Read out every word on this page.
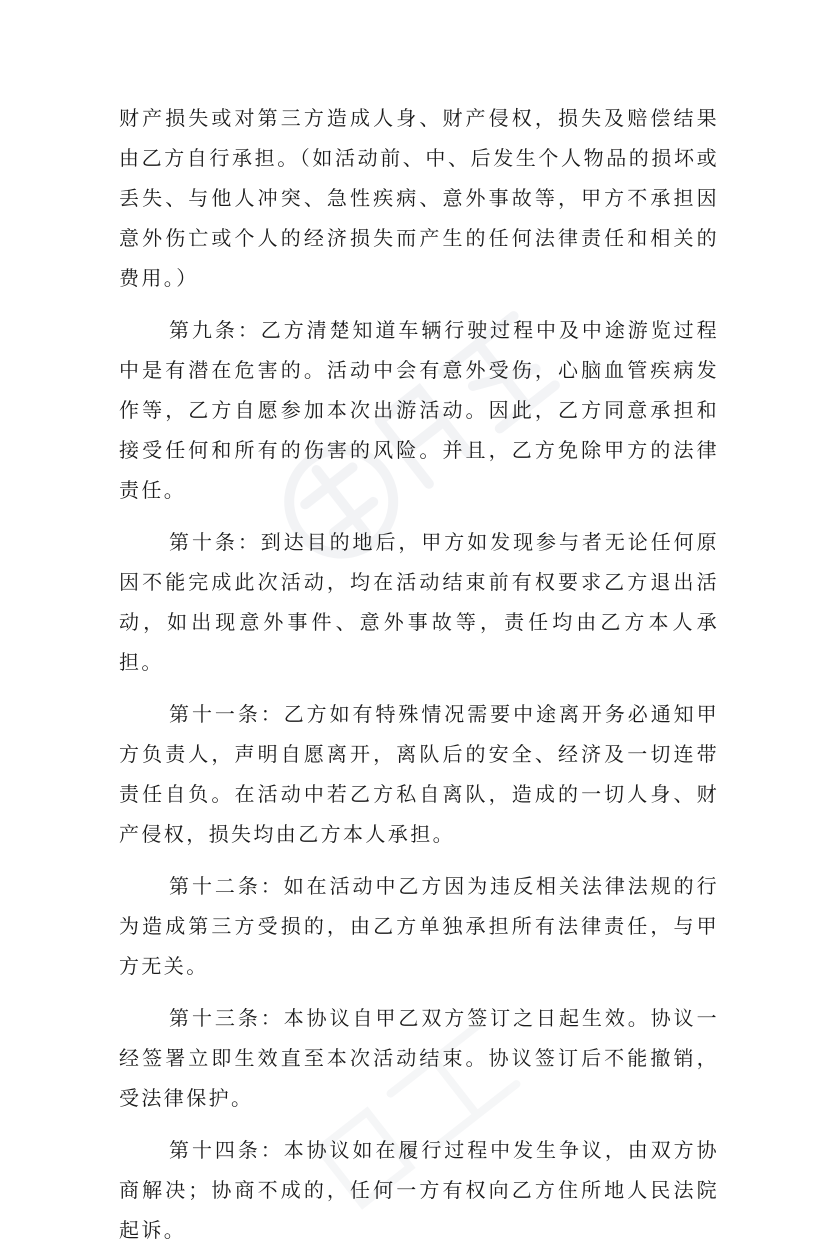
财产损失或对第三方造成人身、财产侵权，损失及赔偿结果由乙方自行承担。（如活动前、中、后发生个人物品的损坏或丢失、与他人冲突、急性疾病、意外事故等，甲方不承担因意外伤亡或个人的经济损失而产生的任何法律责任和相关的费用。）

第九条：乙方清楚知道车辆行驶过程中及中途游览过程中是有潜在危害的。活动中会有意外受伤，心脑血管疾病发作等，乙方自愿参加本次出游活动。因此，乙方同意承担和接受任何和所有的伤害的风险。并且，乙方免除甲方的法律责任。

第十条：到达目的地后，甲方如发现参与者无论任何原因不能完成此次活动，均在活动结束前有权要求乙方退出活动，如出现意外事件、意外事故等，责任均由乙方本人承担。

第十一条：乙方如有特殊情况需要中途离开务必通知甲方负责人，声明自愿离开，离队后的安全、经济及一切连带责任自负。在活动中若乙方私自离队，造成的一切人身、财产侵权，损失均由乙方本人承担。

第十二条：如在活动中乙方因为违反相关法律法规的行为造成第三方受损的，由乙方单独承担所有法律责任，与甲方无关。

第十三条：本协议自甲乙双方签订之日起生效。协议一经签署立即生效直至本次活动结束。协议签订后不能撤销，受法律保护。

第十四条：本协议如在履行过程中发生争议，由双方协商解决；协商不成的，任何一方有权向乙方住所地人民法院起诉。
